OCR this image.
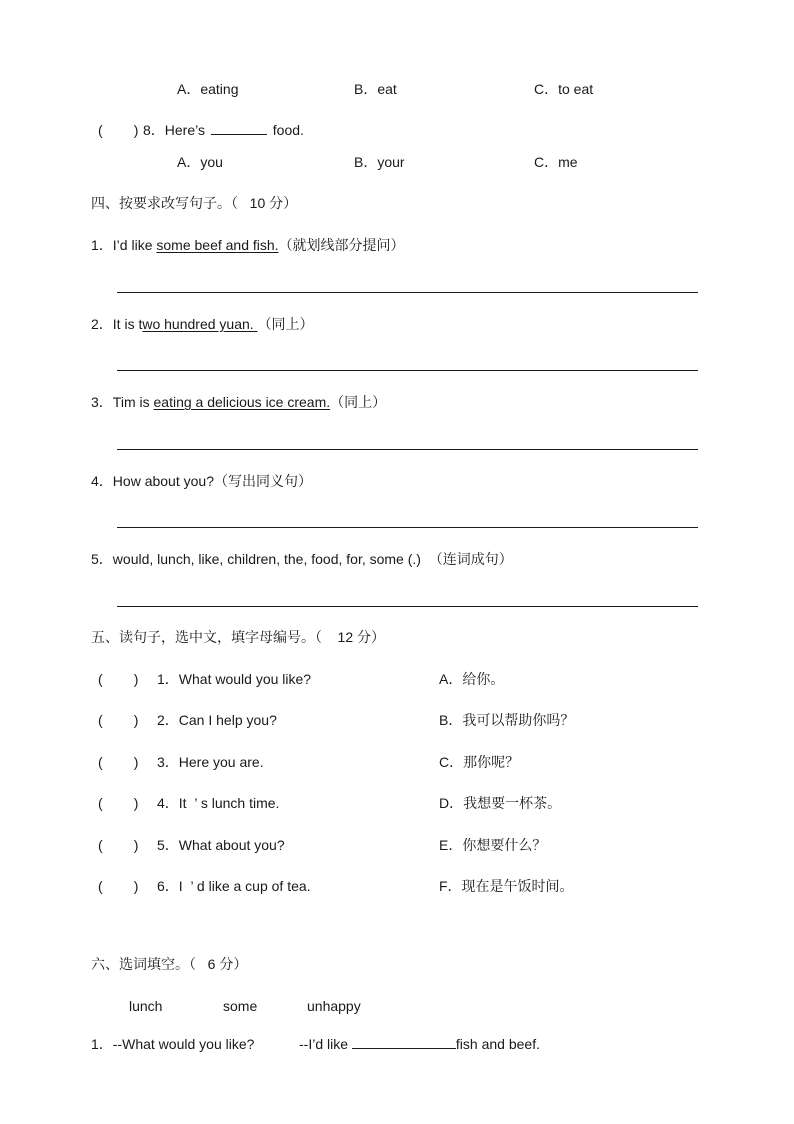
A．eating	B．eat	C．to eat
(        ) 8．Here’s	food.
A．you	B．your	C．me
四、按要求改写句子。（   10 分）
1．I’d like some beef and fish.（就划线部分提问）
2．It is two hundred yuan. （同上）
3．Tim is eating a delicious ice cream.（同上）
4．How about you?（写出同义句）
5．would, lunch, like, children, the, food, for, some (.)  （连词成句）
五、读句子，选中文，填字母编号。（    12 分）
(        ) 1．What would you like?	A．给你。
(        ) 2．Can I help you?	B．我可以帮助你吗？
(        ) 3．Here you are.	C．那你呢？
(        ) 4．It  ’ s lunch time.	D．我想要一杯茶。
(        ) 5．What about you?	E．你想要什么？
(        ) 6．I  ’ d like a cup of tea.	F．现在是午饭时间。
六、选词填空。（   6 分）
lunch	some	unhappy
1．--What would you like?	--I’d like	fish and beef.
